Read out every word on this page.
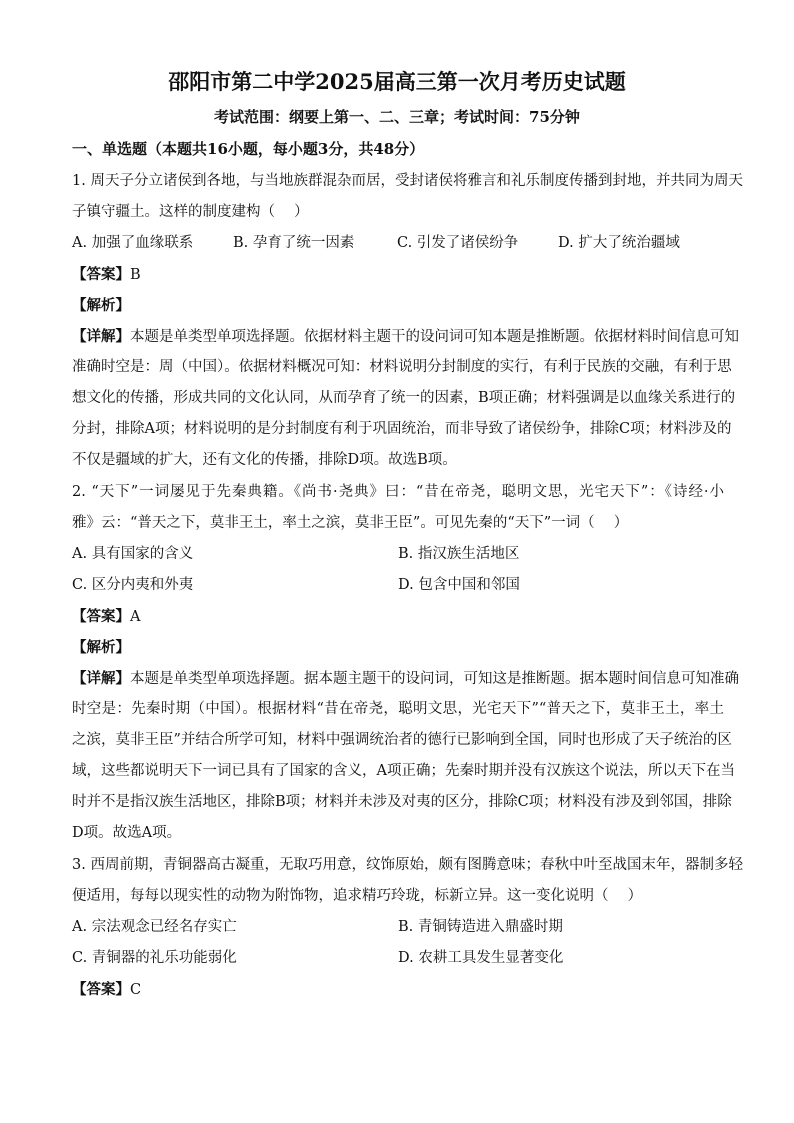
邵阳市第二中学2025届高三第一次月考历史试题
考试范围：纲要上第一、二、三章；考试时间：75分钟
一、单选题（本题共16小题，每小题3分，共48分）
1. 周天子分立诸侯到各地，与当地族群混杂而居，受封诸侯将雅言和礼乐制度传播到封地，并共同为周天
子镇守疆土。这样的制度建构（　 ）
A. 加强了血缘联系	B. 孕育了统一因素	C. 引发了诸侯纷争	D. 扩大了统治疆域
【答案】B
【解析】
【详解】本题是单类型单项选择题。依据材料主题干的设问词可知本题是推断题。依据材料时间信息可知
准确时空是：周（中国）。依据材料概况可知：材料说明分封制度的实行，有利于民族的交融，有利于思
想文化的传播，形成共同的文化认同，从而孕育了统一的因素，B项正确；材料强调是以血缘关系进行的
分封，排除A项；材料说明的是分封制度有利于巩固统治，而非导致了诸侯纷争，排除C项；材料涉及的
不仅是疆域的扩大，还有文化的传播，排除D项。故选B项。
2. “天下”一词屡见于先秦典籍。《尚书·尧典》曰：“昔在帝尧，聪明文思，光宅天下”：《诗经·小
雅》云：“普天之下，莫非王土，率土之滨，莫非王臣”。可见先秦的“天下”一词（　 ）
A. 具有国家的含义	B. 指汉族生活地区
C. 区分内夷和外夷	D. 包含中国和邻国
【答案】A
【解析】
【详解】本题是单类型单项选择题。据本题主题干的设问词，可知这是推断题。据本题时间信息可知准确
时空是：先秦时期（中国）。根据材料“昔在帝尧，聪明文思，光宅天下”“普天之下，莫非王土，率土
之滨，莫非王臣”并结合所学可知，材料中强调统治者的德行已影响到全国，同时也形成了天子统治的区
域，这些都说明天下一词已具有了国家的含义，A项正确；先秦时期并没有汉族这个说法，所以天下在当
时并不是指汉族生活地区，排除B项；材料并未涉及对夷的区分，排除C项；材料没有涉及到邻国，排除
D项。故选A项。
3. 西周前期，青铜器高古凝重，无取巧用意，纹饰原始，颇有图腾意味；春秋中叶至战国末年，器制多轻
便适用，每每以现实性的动物为附饰物，追求精巧玲珑，标新立异。这一变化说明（　 ）
A. 宗法观念已经名存实亡	B. 青铜铸造进入鼎盛时期
C. 青铜器的礼乐功能弱化	D. 农耕工具发生显著变化
【答案】C
